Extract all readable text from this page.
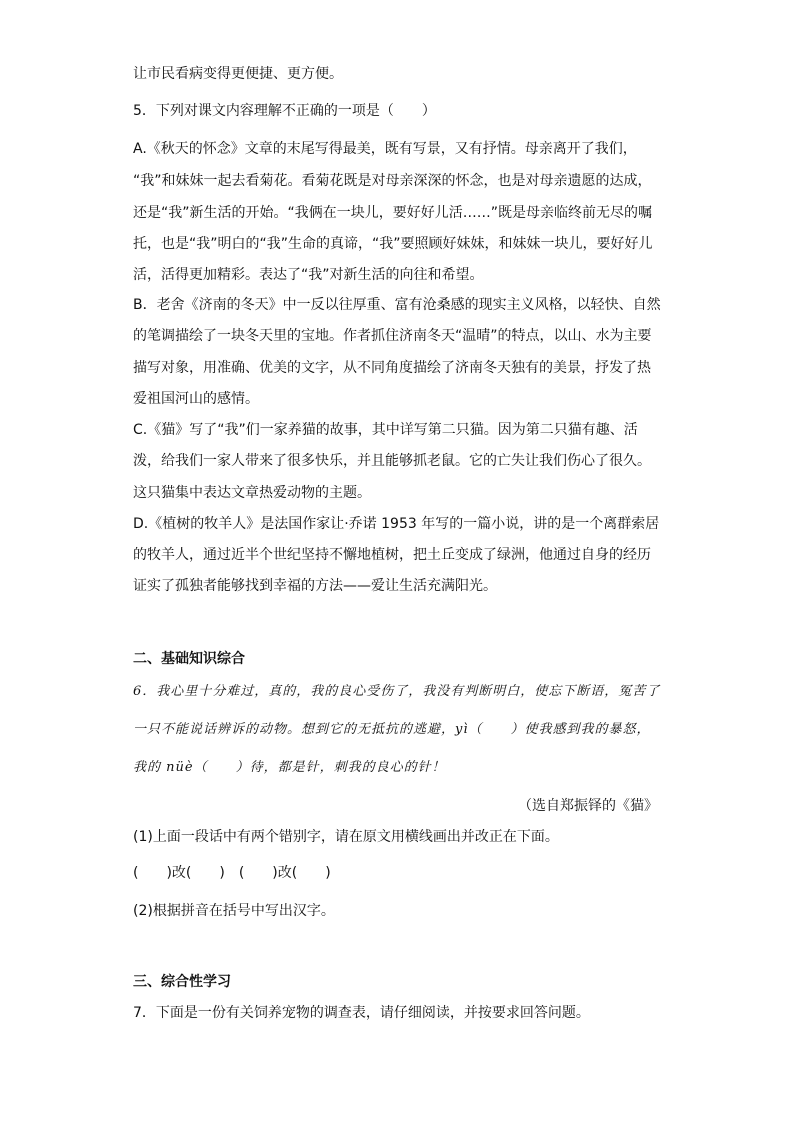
让市民看病变得更便捷、更方便。
5．下列对课文内容理解不正确的一项是（　　）
A.《秋天的怀念》文章的末尾写得最美，既有写景，又有抒情。母亲离开了我们，
“我”和妹妹一起去看菊花。看菊花既是对母亲深深的怀念，也是对母亲遗愿的达成，
还是“我”新生活的开始。“我俩在一块儿，要好好儿活……”既是母亲临终前无尽的嘱
托，也是“我”明白的“我”生命的真谛，“我”要照顾好妹妹，和妹妹一块儿，要好好儿
活，活得更加精彩。表达了“我”对新生活的向往和希望。
B．老舍《济南的冬天》中一反以往厚重、富有沧桑感的现实主义风格，以轻快、自然
的笔调描绘了一块冬天里的宝地。作者抓住济南冬天“温晴”的特点，以山、水为主要
描写对象，用准确、优美的文字，从不同角度描绘了济南冬天独有的美景，抒发了热
爱祖国河山的感情。
C.《猫》写了“我”们一家养猫的故事，其中详写第二只猫。因为第二只猫有趣、活
泼，给我们一家人带来了很多快乐，并且能够抓老鼠。它的亡失让我们伤心了很久。
这只猫集中表达文章热爱动物的主题。
D.《植树的牧羊人》是法国作家让·乔诺 1953 年写的一篇小说，讲的是一个离群索居
的牧羊人，通过近半个世纪坚持不懈地植树，把土丘变成了绿洲，他通过自身的经历
证实了孤独者能够找到幸福的方法——爱让生活充满阳光。
二、基础知识综合
6．我心里十分难过，真的，我的良心受伤了，我没有判断明白，使忘下断语，冤苦了
一只不能说话辨诉的动物。想到它的无抵抗的逃避，yì（　　）使我感到我的暴怒，
我的 nüè（　　）待，都是针，刺我的良心的针！
（选自郑振铎的《猫》
(1)上面一段话中有两个错别字，请在原文用横线画出并改正在下面。
(　　)改(　　)　(　　)改(　　)
(2)根据拼音在括号中写出汉字。
三、综合性学习
7．下面是一份有关饲养宠物的调查表，请仔细阅读，并按要求回答问题。
